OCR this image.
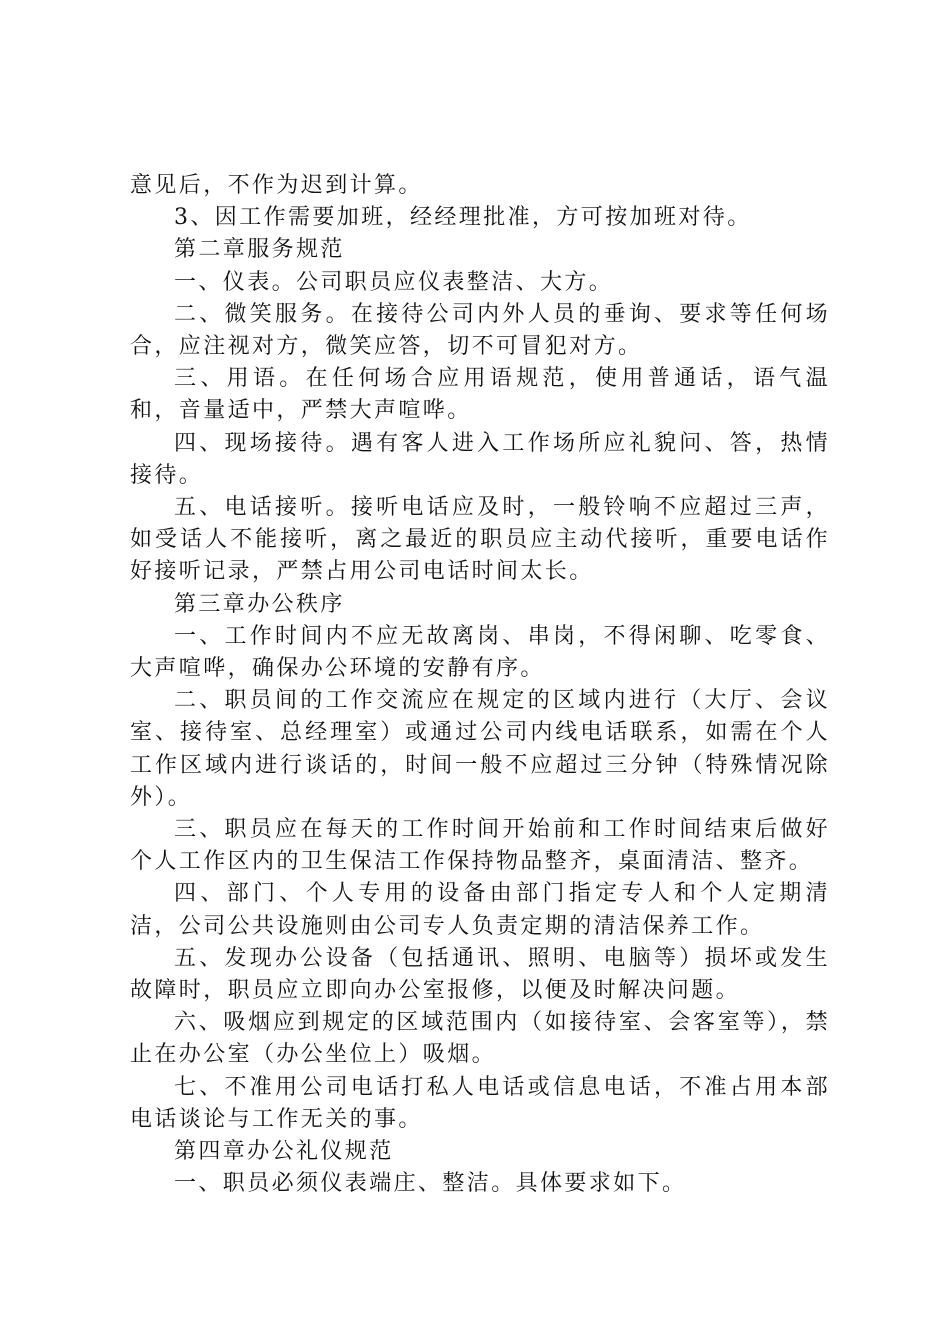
意见后，不作为迟到计算。

3、因工作需要加班，经经理批准，方可按加班对待。

第二章服务规范

一、仪表。公司职员应仪表整洁、大方。

二、微笑服务。在接待公司内外人员的垂询、要求等任何场合，应注视对方，微笑应答，切不可冒犯对方。

三、用语。在任何场合应用语规范，使用普通话，语气温和，音量适中，严禁大声喧哗。

四、现场接待。遇有客人进入工作场所应礼貌问、答，热情接待。

五、电话接听。接听电话应及时，一般铃响不应超过三声，如受话人不能接听，离之最近的职员应主动代接听，重要电话作好接听记录，严禁占用公司电话时间太长。

第三章办公秩序

一、工作时间内不应无故离岗、串岗，不得闲聊、吃零食、大声喧哗，确保办公环境的安静有序。

二、职员间的工作交流应在规定的区域内进行（大厅、会议室、接待室、总经理室）或通过公司内线电话联系，如需在个人工作区域内进行谈话的，时间一般不应超过三分钟（特殊情况除外）。

三、职员应在每天的工作时间开始前和工作时间结束后做好个人工作区内的卫生保洁工作保持物品整齐，桌面清洁、整齐。

四、部门、个人专用的设备由部门指定专人和个人定期清洁，公司公共设施则由公司专人负责定期的清洁保养工作。

五、发现办公设备（包括通讯、照明、电脑等）损坏或发生故障时，职员应立即向办公室报修，以便及时解决问题。

六、吸烟应到规定的区域范围内（如接待室、会客室等），禁止在办公室（办公坐位上）吸烟。

七、不准用公司电话打私人电话或信息电话，不准占用本部电话谈论与工作无关的事。

第四章办公礼仪规范

一、职员必须仪表端庄、整洁。具体要求如下。
